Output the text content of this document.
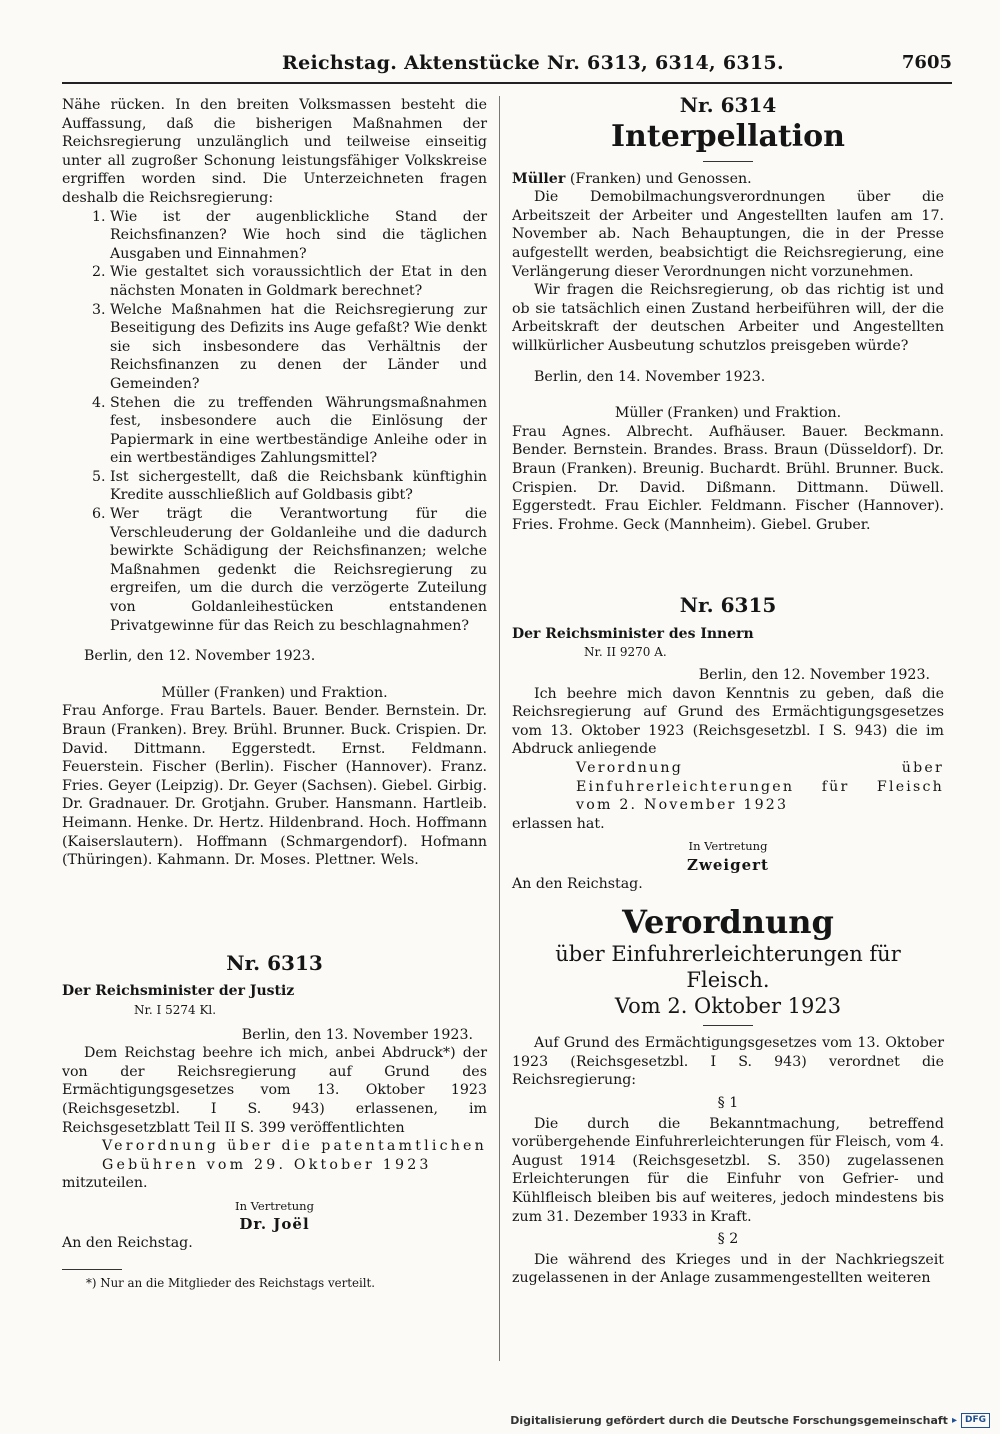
Reichstag. Aktenstücke Nr. 6313, 6314, 6315.	7605

Nähe rücken. In den breiten Volksmassen besteht die Auffassung, daß die bisherigen Maßnahmen der Reichsregierung unzulänglich und teilweise einseitig unter all zugroßer Schonung leistungsfähiger Volkskreise ergriffen worden sind. Die Unterzeichneten fragen deshalb die Reichsregierung:

1. Wie ist der augenblickliche Stand der Reichsfinanzen? Wie hoch sind die täglichen Ausgaben und Einnahmen?
2. Wie gestaltet sich voraussichtlich der Etat in den nächsten Monaten in Goldmark berechnet?
3. Welche Maßnahmen hat die Reichsregierung zur Beseitigung des Defizits ins Auge gefaßt? Wie denkt sie sich insbesondere das Verhältnis der Reichsfinanzen zu denen der Länder und Gemeinden?
4. Stehen die zu treffenden Währungsmaßnahmen fest, insbesondere auch die Einlösung der Papiermark in eine wertbeständige Anleihe oder in ein wertbeständiges Zahlungsmittel?
5. Ist sichergestellt, daß die Reichsbank künftighin Kredite ausschließlich auf Goldbasis gibt?
6. Wer trägt die Verantwortung für die Verschleuderung der Goldanleihe und die dadurch bewirkte Schädigung der Reichsfinanzen; welche Maßnahmen gedenkt die Reichsregierung zu ergreifen, um die durch die verzögerte Zuteilung von Goldanleihestücken entstandenen Privatgewinne für das Reich zu beschlagnahmen?

Berlin, den 12. November 1923.

Müller (Franken) und Fraktion.

Frau Anforge. Frau Bartels. Bauer. Bender. Bernstein. Dr. Braun (Franken). Brey. Brühl. Brunner. Buck. Crispien. Dr. David. Dittmann. Eggerstedt. Ernst. Feldmann. Feuerstein. Fischer (Berlin). Fischer (Hannover). Franz. Fries. Geyer (Leipzig). Dr. Geyer (Sachsen). Giebel. Girbig. Dr. Gradnauer. Dr. Grotjahn. Gruber. Hansmann. Hartleib. Heimann. Henke. Dr. Hertz. Hildenbrand. Hoch. Hoffmann (Kaiserslautern). Hoffmann (Schmargendorf). Hofmann (Thüringen). Kahmann. Dr. Moses. Plettner. Wels.

Nr. 6313

Der Reichsminister der Justiz

Nr. I 5274 Kl.

Berlin, den 13. November 1923.

Dem Reichstag beehre ich mich, anbei Abdruck*) der von der Reichsregierung auf Grund des Ermächtigungsgesetzes vom 13. Oktober 1923 (Reichsgesetzbl. I S. 943) erlassenen, im Reichsgesetzblatt Teil II S. 399 veröffentlichten

Verordnung über die patentamtlichen Gebühren vom 29. Oktober 1923

mitzuteilen.

In Vertretung

Dr. Joël

An den Reichstag.

*) Nur an die Mitglieder des Reichstags verteilt.

Nr. 6314
Interpellation

Müller (Franken) und Genossen.

Die Demobilmachungsverordnungen über die Arbeitszeit der Arbeiter und Angestellten laufen am 17. November ab. Nach Behauptungen, die in der Presse aufgestellt werden, beabsichtigt die Reichsregierung, eine Verlängerung dieser Verordnungen nicht vorzunehmen.

Wir fragen die Reichsregierung, ob das richtig ist und ob sie tatsächlich einen Zustand herbeiführen will, der die Arbeitskraft der deutschen Arbeiter und Angestellten willkürlicher Ausbeutung schutzlos preisgeben würde?

Berlin, den 14. November 1923.

Müller (Franken) und Fraktion.

Frau Agnes. Albrecht. Aufhäuser. Bauer. Beckmann. Bender. Bernstein. Brandes. Brass. Braun (Düsseldorf). Dr. Braun (Franken). Breunig. Buchardt. Brühl. Brunner. Buck. Crispien. Dr. David. Dißmann. Dittmann. Düwell. Eggerstedt. Frau Eichler. Feldmann. Fischer (Hannover). Fries. Frohme. Geck (Mannheim). Giebel. Gruber.

Nr. 6315

Der Reichsminister des Innern

Nr. II 9270 A.

Berlin, den 12. November 1923.

Ich beehre mich davon Kenntnis zu geben, daß die Reichsregierung auf Grund des Ermächtigungsgesetzes vom 13. Oktober 1923 (Reichsgesetzbl. I S. 943) die im Abdruck anliegende

Verordnung über Einfuhrerleichterungen für Fleisch vom 2. November 1923

erlassen hat.

In Vertretung

Zweigert

An den Reichstag.

Verordnung
über Einfuhrerleichterungen für Fleisch.
Vom 2. Oktober 1923

Auf Grund des Ermächtigungsgesetzes vom 13. Oktober 1923 (Reichsgesetzbl. I S. 943) verordnet die Reichsregierung:

§ 1

Die durch die Bekanntmachung, betreffend vorübergehende Einfuhrerleichterungen für Fleisch, vom 4. August 1914 (Reichsgesetzbl. S. 350) zugelassenen Erleichterungen für die Einfuhr von Gefrier- und Kühlfleisch bleiben bis auf weiteres, jedoch mindestens bis zum 31. Dezember 1933 in Kraft.

§ 2

Die während des Krieges und in der Nachkriegszeit zugelassenen in der Anlage zusammengestellten weiteren

Digitalisierung gefördert durch die Deutsche Forschungsgemeinschaft ▸ DFG
